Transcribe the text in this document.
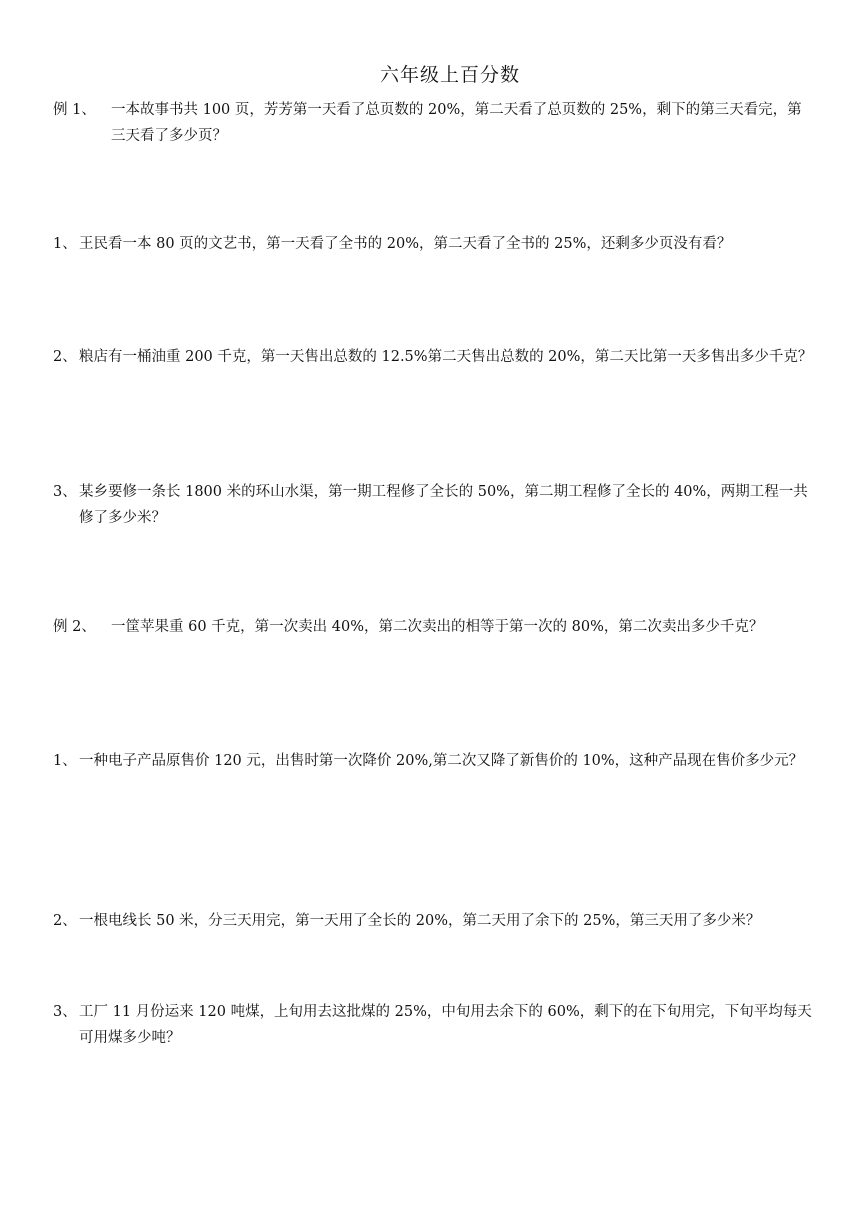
六年级上百分数
例 1、 一本故事书共 100 页，芳芳第一天看了总页数的 20%，第二天看了总页数的 25%，剩下的第三天看完，第三天看了多少页？
1、 王民看一本 80 页的文艺书，第一天看了全书的 20%，第二天看了全书的 25%，还剩多少页没有看？
2、 粮店有一桶油重 200 千克，第一天售出总数的 12.5%第二天售出总数的 20%，第二天比第一天多售出多少千克？
3、 某乡要修一条长 1800 米的环山水渠，第一期工程修了全长的 50%，第二期工程修了全长的 40%，两期工程一共修了多少米？
例 2、 一筐苹果重 60 千克，第一次卖出 40%，第二次卖出的相等于第一次的 80%，第二次卖出多少千克？
1、 一种电子产品原售价 120 元，出售时第一次降价 20%,第二次又降了新售价的 10%，这种产品现在售价多少元？
2、 一根电线长 50 米，分三天用完，第一天用了全长的 20%，第二天用了余下的 25%，第三天用了多少米？
3、 工厂 11 月份运来 120 吨煤，上旬用去这批煤的 25%，中旬用去余下的 60%，剩下的在下旬用完，下旬平均每天可用煤多少吨？
